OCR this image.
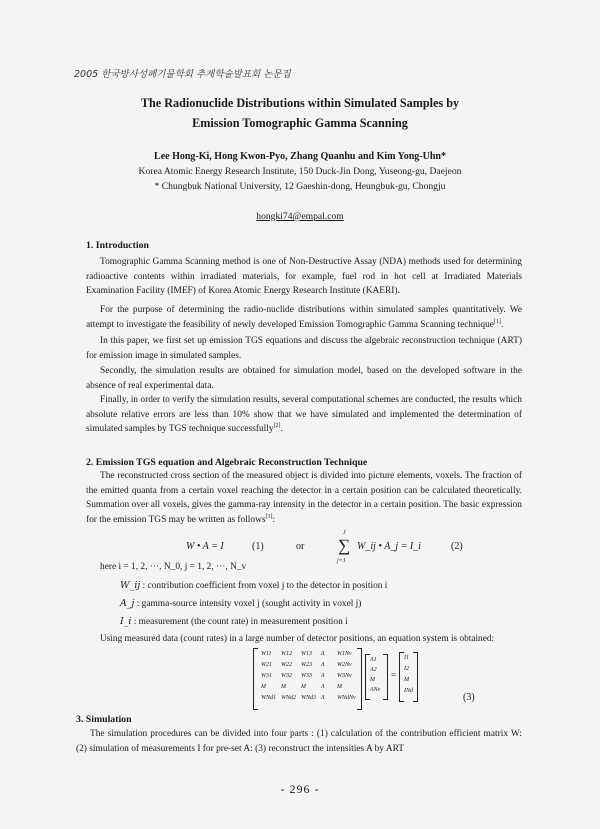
2005 한국방사성폐기물학회 추계학술발표회 논문집
The Radionuclide Distributions within Simulated Samples by
Emission Tomographic Gamma Scanning
Lee Hong-Ki, Hong Kwon-Pyo, Zhang Quanhu and Kim Yong-Uhn*
Korea Atomic Energy Research Institute, 150 Duck-Jin Dong, Yuseong-gu, Daejeon
* Chungbuk National University, 12 Gaeshin-dong, Heungbuk-gu, Chongju
hongki74@empal.com
1. Introduction

Tomographic Gamma Scanning method is one of Non-Destructive Assay (NDA) methods used for determining radioactive contents within irradiated materials, for example, fuel rod in hot cell at Irradiated Materials Examination Facility (IMEF) of Korea Atomic Energy Research Institute (KAERI).

For the purpose of determining the radio-nuclide distributions within simulated samples quantitatively. We attempt to investigate the feasibility of newly developed Emission Tomographic Gamma Scanning technique[1].

In this paper, we first set up emission TGS equations and discuss the algebraic reconstruction technique (ART) for emission image in simulated samples.

Secondly, the simulation results are obtained for simulation model, based on the developed software in the absence of real experimental data.

Finally, in order to verify the simulation results, several computational schemes are conducted, the results which absolute relative errors are less than 10% show that we have simulated and implemented the determination of simulated samples by TGS technique successfully[2].

2. Emission TGS equation and Algebraic Reconstruction Technique

The reconstructed cross section of the measured object is divided into picture elements, voxels. The fraction of the emitted quanta from a certain voxel reaching the detector in a certain position can be calculated theoretically. Summation over all voxels, gives the gamma-ray intensity in the detector in a certain position. The basic expression for the emission TGS may be written as follows[3]:

W • A = I	(1)	or
J
∑
j=1
W_ij • A_j = I_i	(2)
here i = 1, 2, ···, N_0, j = 1, 2, ···, N_v
W_ij : contribution coefficient from voxel j to the detector in position i
A_j : gamma-source intensity voxel j (sought activity in voxel j)
I_i : measurement (the count rate) in measurement position i

Using measured data (count rates) in a large number of detector positions, an equation system is obtained:

W11 W12 W13 Λ W1Nv
W21 W22 W23 Λ W2Nv
W31 W32 W33 Λ W3Nv
M	M	M	Λ M
WNd1 WNd2 WNd3 Λ WNdNv
A1
A2
M
ANv
=
I1
I2
M
INd
(3)
3. Simulation

The simulation procedures can be divided into four parts : (1) calculation of the contribution efficient matrix W: (2) simulation of measurements I for pre-set A: (3) reconstruct the intensities A by ART

- 296 -
